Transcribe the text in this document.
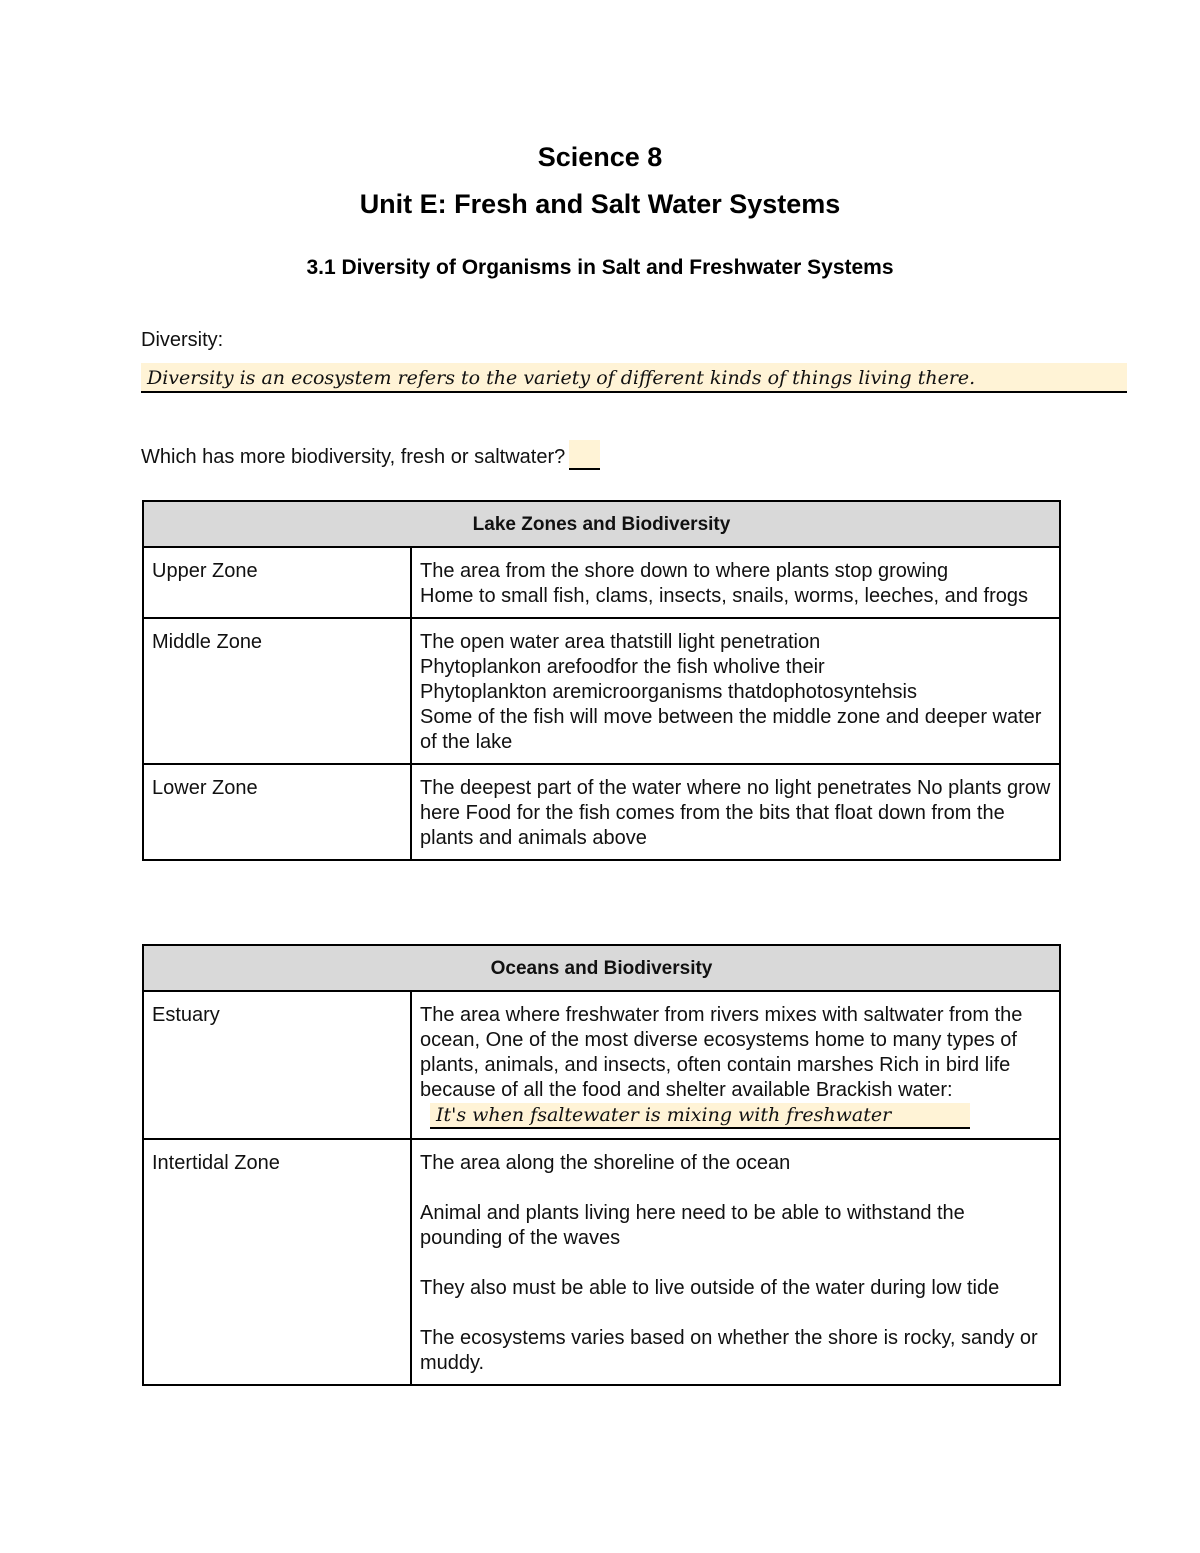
Science 8
Unit E: Fresh and Salt Water Systems
3.1 Diversity of Organisms in Salt and Freshwater Systems
Diversity:
Diversity is an ecosystem refers to the variety of different kinds of things living there.
Which has more biodiversity, fresh or saltwater?
Lake Zones and Biodiversity	
Upper Zone	The area from the shore down to where plants stop growing
Home to small fish, clams, insects, snails, worms, leeches, and frogs

Middle Zone	The open water area thatstill light penetration
Phytoplankon arefoodfor the fish wholive their
Phytoplankton aremicroorganisms thatdophotosyntehsis
Some of the fish will move between the middle zone and deeper water of the lake

Lower Zone	The deepest part of the water where no light penetrates No plants grow here Food for the fish comes from the bits that float down from the plants and animals above
Oceans and Biodiversity	
Estuary	The area where freshwater from rivers mixes with saltwater from the ocean, One of the most diverse ecosystems home to many types of plants, animals, and insects, often contain marshes Rich in bird life because of all the food and shelter available Brackish water:It's when fsaltewater is mixing with freshwater
Intertidal Zone	The area along the shoreline of the ocean

Animal and plants living here need to be able to withstand the pounding of the waves

They also must be able to live outside of the water during low tide

The ecosystems varies based on whether the shore is rocky, sandy or muddy.
